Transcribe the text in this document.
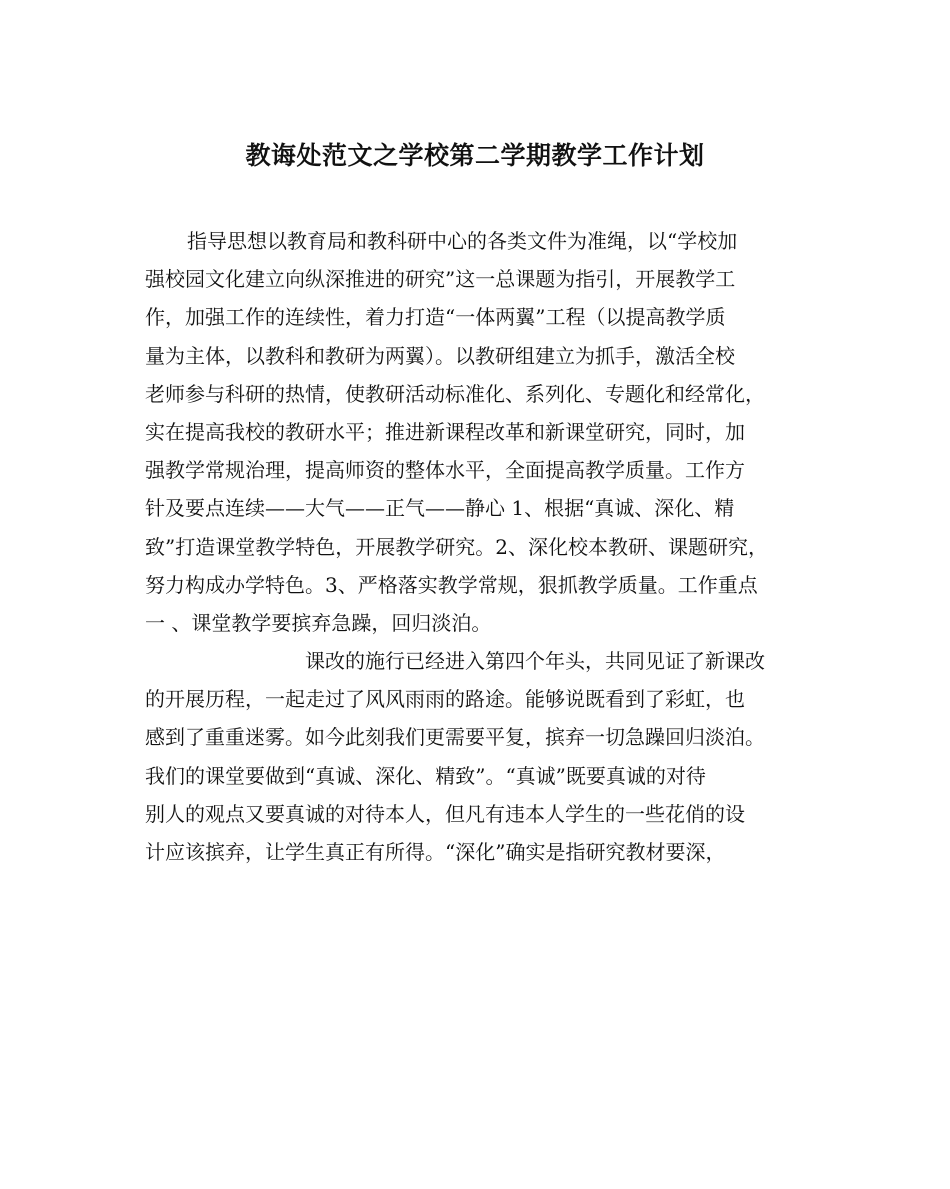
教诲处范文之学校第二学期教学工作计划
指导思想以教育局和教科研中心的各类文件为准绳，以“学校加
强校园文化建立向纵深推进的研究”这一总课题为指引，开展教学工
作，加强工作的连续性，着力打造“一体两翼”工程（以提高教学质
量为主体，以教科和教研为两翼）。以教研组建立为抓手，激活全校
老师参与科研的热情，使教研活动标准化、系列化、专题化和经常化，
实在提高我校的教研水平；推进新课程改革和新课堂研究，同时，加
强教学常规治理，提高师资的整体水平，全面提高教学质量。工作方
针及要点连续——大气——正气——静心 1、根据“真诚、深化、精
致”打造课堂教学特色，开展教学研究。2、深化校本教研、课题研究，
努力构成办学特色。3、严格落实教学常规，狠抓教学质量。工作重点
一 、课堂教学要摈弃急躁，回归淡泊。
课改的施行已经进入第四个年头，共同见证了新课改
的开展历程，一起走过了风风雨雨的路途。能够说既看到了彩虹，也
感到了重重迷雾。如今此刻我们更需要平复，摈弃一切急躁回归淡泊。
我们的课堂要做到“真诚、深化、精致”。“真诚”既要真诚的对待
别人的观点又要真诚的对待本人，但凡有违本人学生的一些花俏的设
计应该摈弃，让学生真正有所得。“深化”确实是指研究教材要深，
